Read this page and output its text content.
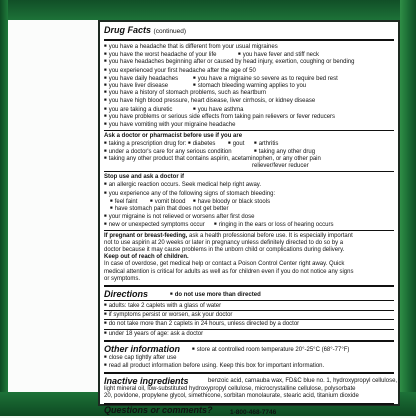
Drug Facts (continued)
■ you have a headache that is different from your usual migraines
■ you have the worst headache of your life	■ you have fever and stiff neck
■ you have headaches beginning after or caused by head injury, exertion, coughing or bending
■ you experienced your first headache after the age of 50
■ you have daily headaches	■ you have a migraine so severe as to require bed rest
■ you have liver disease	■ stomach bleeding warning applies to you
■ you have a history of stomach problems, such as heartburn
■ you have high blood pressure, heart disease, liver cirrhosis, or kidney disease
■ you are taking a diuretic	■ you have asthma
■ you have problems or serious side effects from taking pain relievers or fever reducers
■ you have vomiting with your migraine headache
Ask a doctor or pharmacist before use if you are
■ taking a prescription drug for:	■ diabetes	■ gout	■ arthritis
■ under a doctor's care for any serious condition	■ taking any other drug
■ taking any other product that contains aspirin, acetaminophen, or any other pain
reliever/fever reducer
Stop use and ask a doctor if
■ an allergic reaction occurs. Seek medical help right away.
■ you experience any of the following signs of stomach bleeding:
■ feel faint	■ vomit blood	■ have bloody or black stools
■ have stomach pain that does not get better
■ your migraine is not relieved or worsens after first dose
■ new or unexpected symptoms occur	■ ringing in the ears or loss of hearing occurs
If pregnant or breast-feeding, ask a health professional before use. It is especially important
not to use aspirin at 20 weeks or later in pregnancy unless definitely directed to do so by a
doctor because it may cause problems in the unborn child or complications during delivery.
Keep out of reach of children.
In case of overdose, get medical help or contact a Poison Control Center right away. Quick
medical attention is critical for adults as well as for children even if you do not notice any signs
or symptoms.
Directions	■ do not use more than directed
■ adults: take 2 caplets with a glass of water
■ if symptoms persist or worsen, ask your doctor
■ do not take more than 2 caplets in 24 hours, unless directed by a doctor
■ under 18 years of age: ask a doctor
Other information	■ store at controlled room temperature 20°-25°C (68°-77°F)
■ close cap tightly after use
■ read all product information before using. Keep this box for important information.
Inactive ingredients	benzoic acid, carnauba wax, FD&C blue no. 1, hydroxypropyl cellulose,
light mineral oil, low-substituted hydroxypropyl cellulose, microcrystalline cellulose, polysorbate
20, povidone, propylene glycol, simethicone, sorbitan monolaurate, stearic acid, titanium dioxide
Questions or comments?	1-800-468-7746
